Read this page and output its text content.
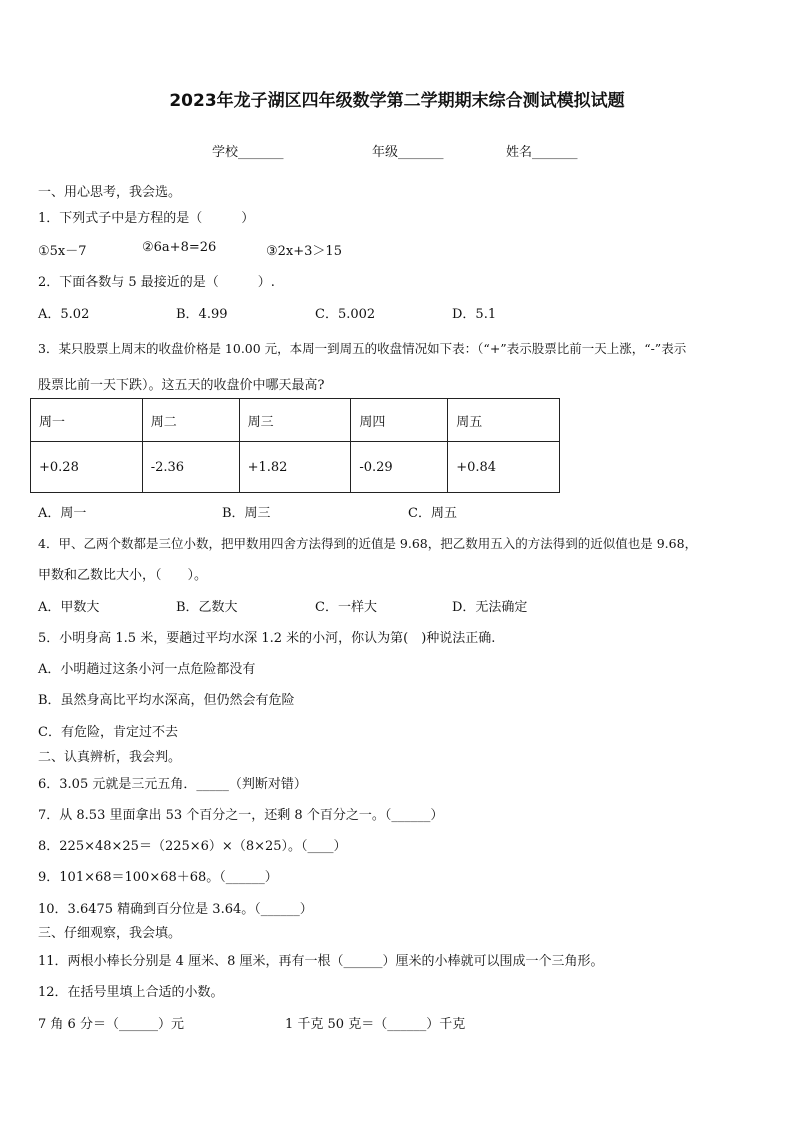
2023年龙子湖区四年级数学第二学期期末综合测试模拟试题
学校_______	年级_______	姓名_______
一、用心思考，我会选。
1．下列式子中是方程的是（　　　）
①5x－7	②6a+8=26	③2x+3＞15
2．下面各数与 5 最接近的是（　　　）.
A．5.02	B．4.99	C．5.002	D．5.1
3．某只股票上周末的收盘价格是 10.00 元，本周一到周五的收盘情况如下表：（“+”表示股票比前一天上涨，“-”表示
股票比前一天下跌）。这五天的收盘价中哪天最高?
周一	周二	周三	周四	周五
+0.28	-2.36	+1.82	-0.29	+0.84
A．周一	B．周三	C．周五
4．甲、乙两个数都是三位小数，把甲数用四舍方法得到的近值是 9.68，把乙数用五入的方法得到的近似值也是 9.68，
甲数和乙数比大小，（　　）。
A．甲数大	B．乙数大	C．一样大	D．无法确定
5．小明身高 1.5 米，要趟过平均水深 1.2 米的小河，你认为第(　)种说法正确.
A．小明趟过这条小河一点危险都没有
B．虽然身高比平均水深高，但仍然会有危险
C．有危险，肯定过不去
二、认真辨析，我会判。
6．3.05 元就是三元五角．_____（判断对错）
7．从 8.53 里面拿出 53 个百分之一，还剩 8 个百分之一。（______）
8．225×48×25＝（225×6）×（8×25）。（____）
9．101×68＝100×68＋68。（______）
10．3.6475 精确到百分位是 3.64。（______）
三、仔细观察，我会填。
11．两根小棒长分别是 4 厘米、8 厘米，再有一根（______）厘米的小棒就可以围成一个三角形。
12．在括号里填上合适的小数。
7 角 6 分＝（______）元	1 千克 50 克＝（______）千克
